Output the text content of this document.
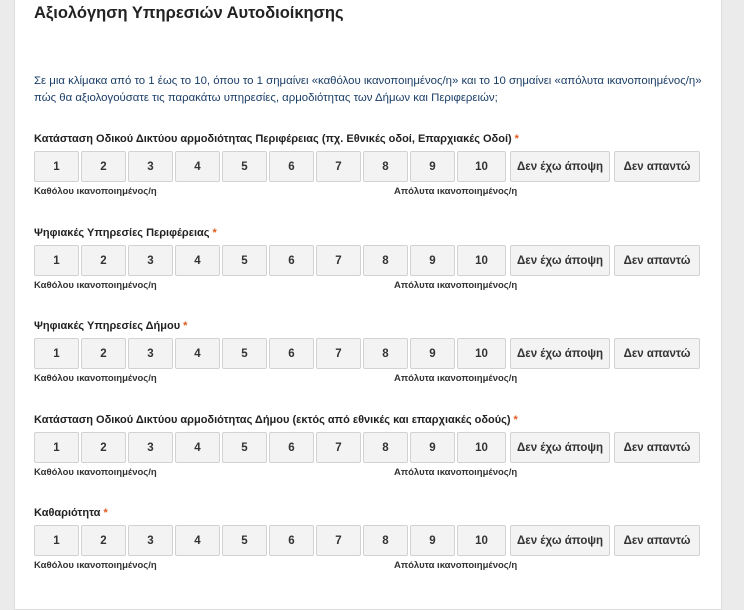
Αξιολόγηση Υπηρεσιών Αυτοδιοίκησης
Σε μια κλίμακα από το 1 έως το 10, όπου το 1 σημαίνει «καθόλου ικανοποιημένος/η» και το 10 σημαίνει «απόλυτα ικανοποιημένος/η» πώς θα αξιολογούσατε τις παρακάτω υπηρεσίες, αρμοδιότητας των Δήμων και Περιφερειών;
Κατάσταση Οδικού Δικτύου αρμοδιότητας Περιφέρειας (πχ. Εθνικές οδοί, Επαρχιακές Οδοί) *
1	2	3	4	5	6	7	8	9	10	Δεν έχω άποψη	Δεν απαντώ
Καθόλου ικανοποιημένος/η	Απόλυτα ικανοποιημένος/η
Ψηφιακές Υπηρεσίες Περιφέρειας *
1	2	3	4	5	6	7	8	9	10	Δεν έχω άποψη	Δεν απαντώ
Καθόλου ικανοποιημένος/η	Απόλυτα ικανοποιημένος/η
Ψηφιακές Υπηρεσίες Δήμου *
1	2	3	4	5	6	7	8	9	10	Δεν έχω άποψη	Δεν απαντώ
Καθόλου ικανοποιημένος/η	Απόλυτα ικανοποιημένος/η
Κατάσταση Οδικού Δικτύου αρμοδιότητας Δήμου (εκτός από εθνικές και επαρχιακές οδούς) *
1	2	3	4	5	6	7	8	9	10	Δεν έχω άποψη	Δεν απαντώ
Καθόλου ικανοποιημένος/η	Απόλυτα ικανοποιημένος/η
Καθαριότητα *
1	2	3	4	5	6	7	8	9	10	Δεν έχω άποψη	Δεν απαντώ
Καθόλου ικανοποιημένος/η	Απόλυτα ικανοποιημένος/η
